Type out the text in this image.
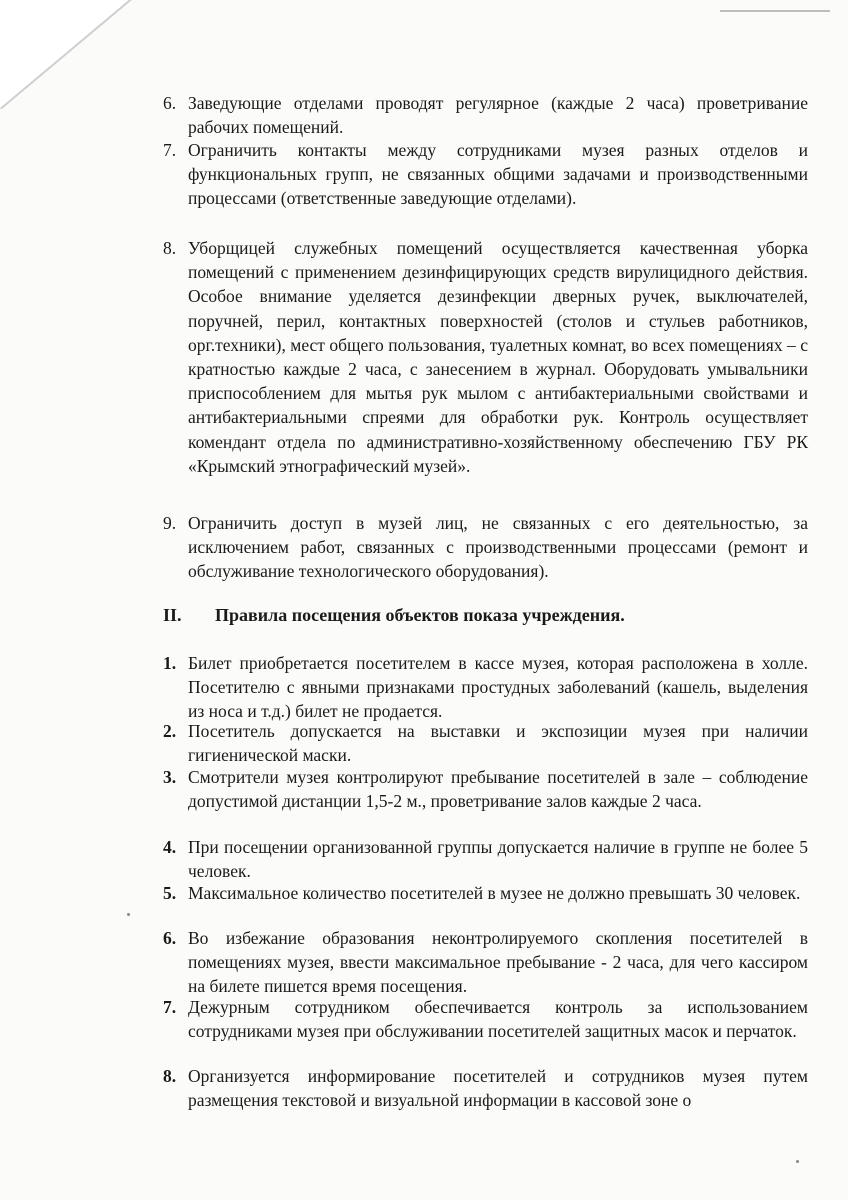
6. Заведующие отделами проводят регулярное (каждые 2 часа) проветривание рабочих помещений.
7. Ограничить контакты между сотрудниками музея разных отделов и функциональных групп, не связанных общими задачами и производственными процессами (ответственные заведующие отделами).
8. Уборщицей служебных помещений осуществляется качественная уборка помещений с применением дезинфицирующих средств вирулицидного действия. Особое внимание уделяется дезинфекции дверных ручек, выключателей, поручней, перил, контактных поверхностей (столов и стульев работников, орг.техники), мест общего пользования, туалетных комнат, во всех помещениях – с кратностью каждые 2 часа, с занесением в журнал. Оборудовать умывальники приспособлением для мытья рук мылом с антибактериальными свойствами и антибактериальными спреями для обработки рук. Контроль осуществляет комендант отдела по административно-хозяйственному обеспечению ГБУ РК «Крымский этнографический музей».
9. Ограничить доступ в музей лиц, не связанных с его деятельностью, за исключением работ, связанных с производственными процессами (ремонт и обслуживание технологического оборудования).
II. Правила посещения объектов показа учреждения.
1. Билет приобретается посетителем в кассе музея, которая расположена в холле. Посетителю с явными признаками простудных заболеваний (кашель, выделения из носа и т.д.) билет не продается.
2. Посетитель допускается на выставки и экспозиции музея при наличии гигиенической маски.
3. Смотрители музея контролируют пребывание посетителей в зале – соблюдение допустимой дистанции 1,5-2 м., проветривание залов каждые 2 часа.
4. При посещении организованной группы допускается наличие в группе не более 5 человек.
5. Максимальное количество посетителей в музее не должно превышать 30 человек.
6. Во избежание образования неконтролируемого скопления посетителей в помещениях музея, ввести максимальное пребывание - 2 часа, для чего кассиром на билете пишется время посещения.
7. Дежурным сотрудником обеспечивается контроль за использованием сотрудниками музея при обслуживании посетителей защитных масок и перчаток.
8. Организуется информирование посетителей и сотрудников музея путем размещения текстовой и визуальной информации в кассовой зоне о
